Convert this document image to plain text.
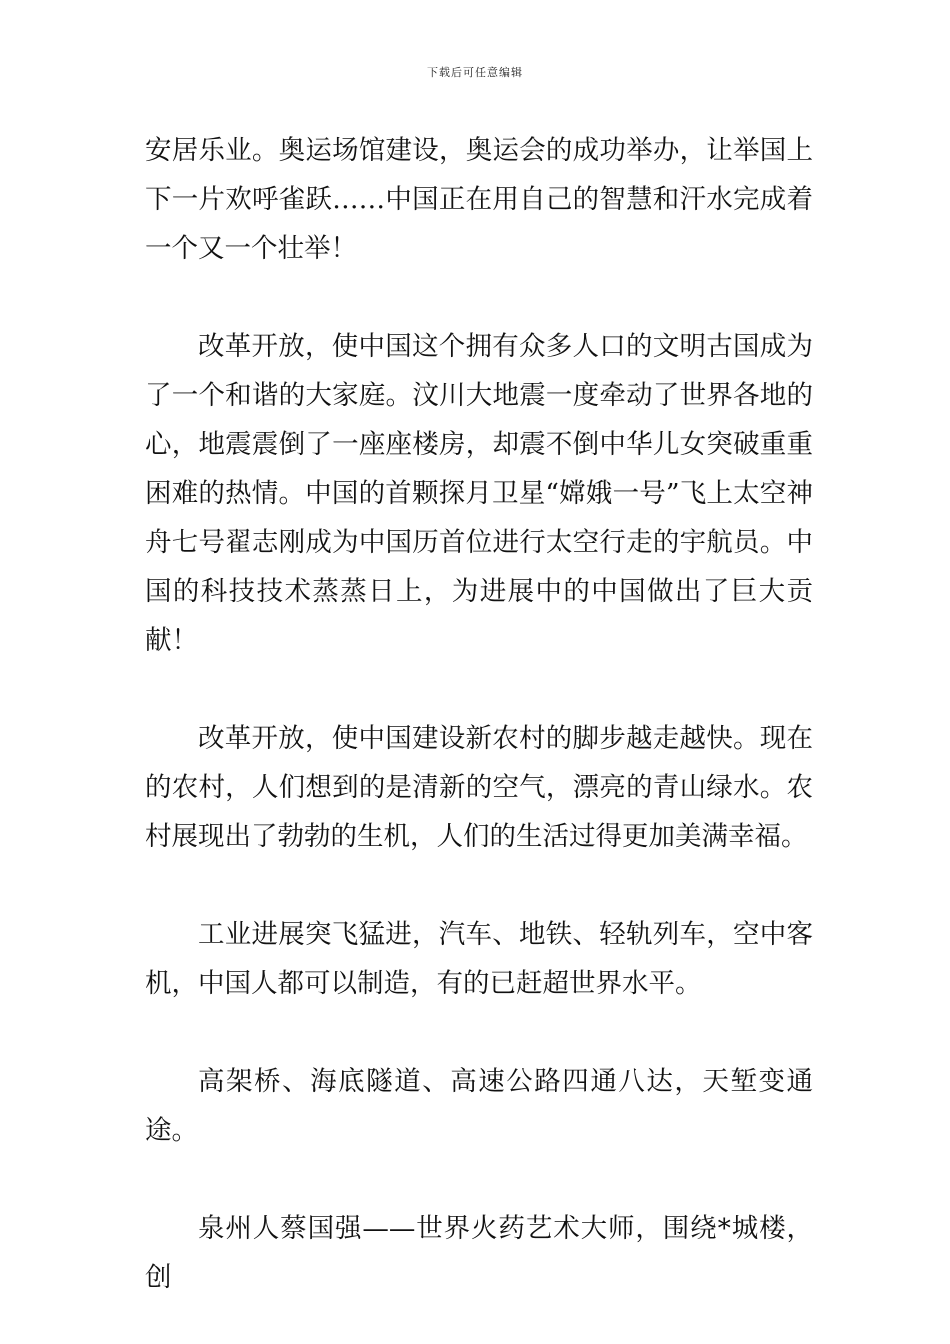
下载后可任意编辑

安居乐业。奥运场馆建设，奥运会的成功举办，让举国上下一片欢呼雀跃……中国正在用自己的智慧和汗水完成着一个又一个壮举！

改革开放，使中国这个拥有众多人口的文明古国成为了一个和谐的大家庭。汶川大地震一度牵动了世界各地的心，地震震倒了一座座楼房，却震不倒中华儿女突破重重困难的热情。中国的首颗探月卫星“嫦娥一号”飞上太空神舟七号翟志刚成为中国历首位进行太空行走的宇航员。中国的科技技术蒸蒸日上，为进展中的中国做出了巨大贡献！

改革开放，使中国建设新农村的脚步越走越快。现在的农村，人们想到的是清新的空气，漂亮的青山绿水。农村展现出了勃勃的生机，人们的生活过得更加美满幸福。

工业进展突飞猛进，汽车、地铁、轻轨列车，空中客机，中国人都可以制造，有的已赶超世界水平。

高架桥、海底隧道、高速公路四通八达，天堑变通途。

泉州人蔡国强——世界火药艺术大师，围绕*城楼，创
